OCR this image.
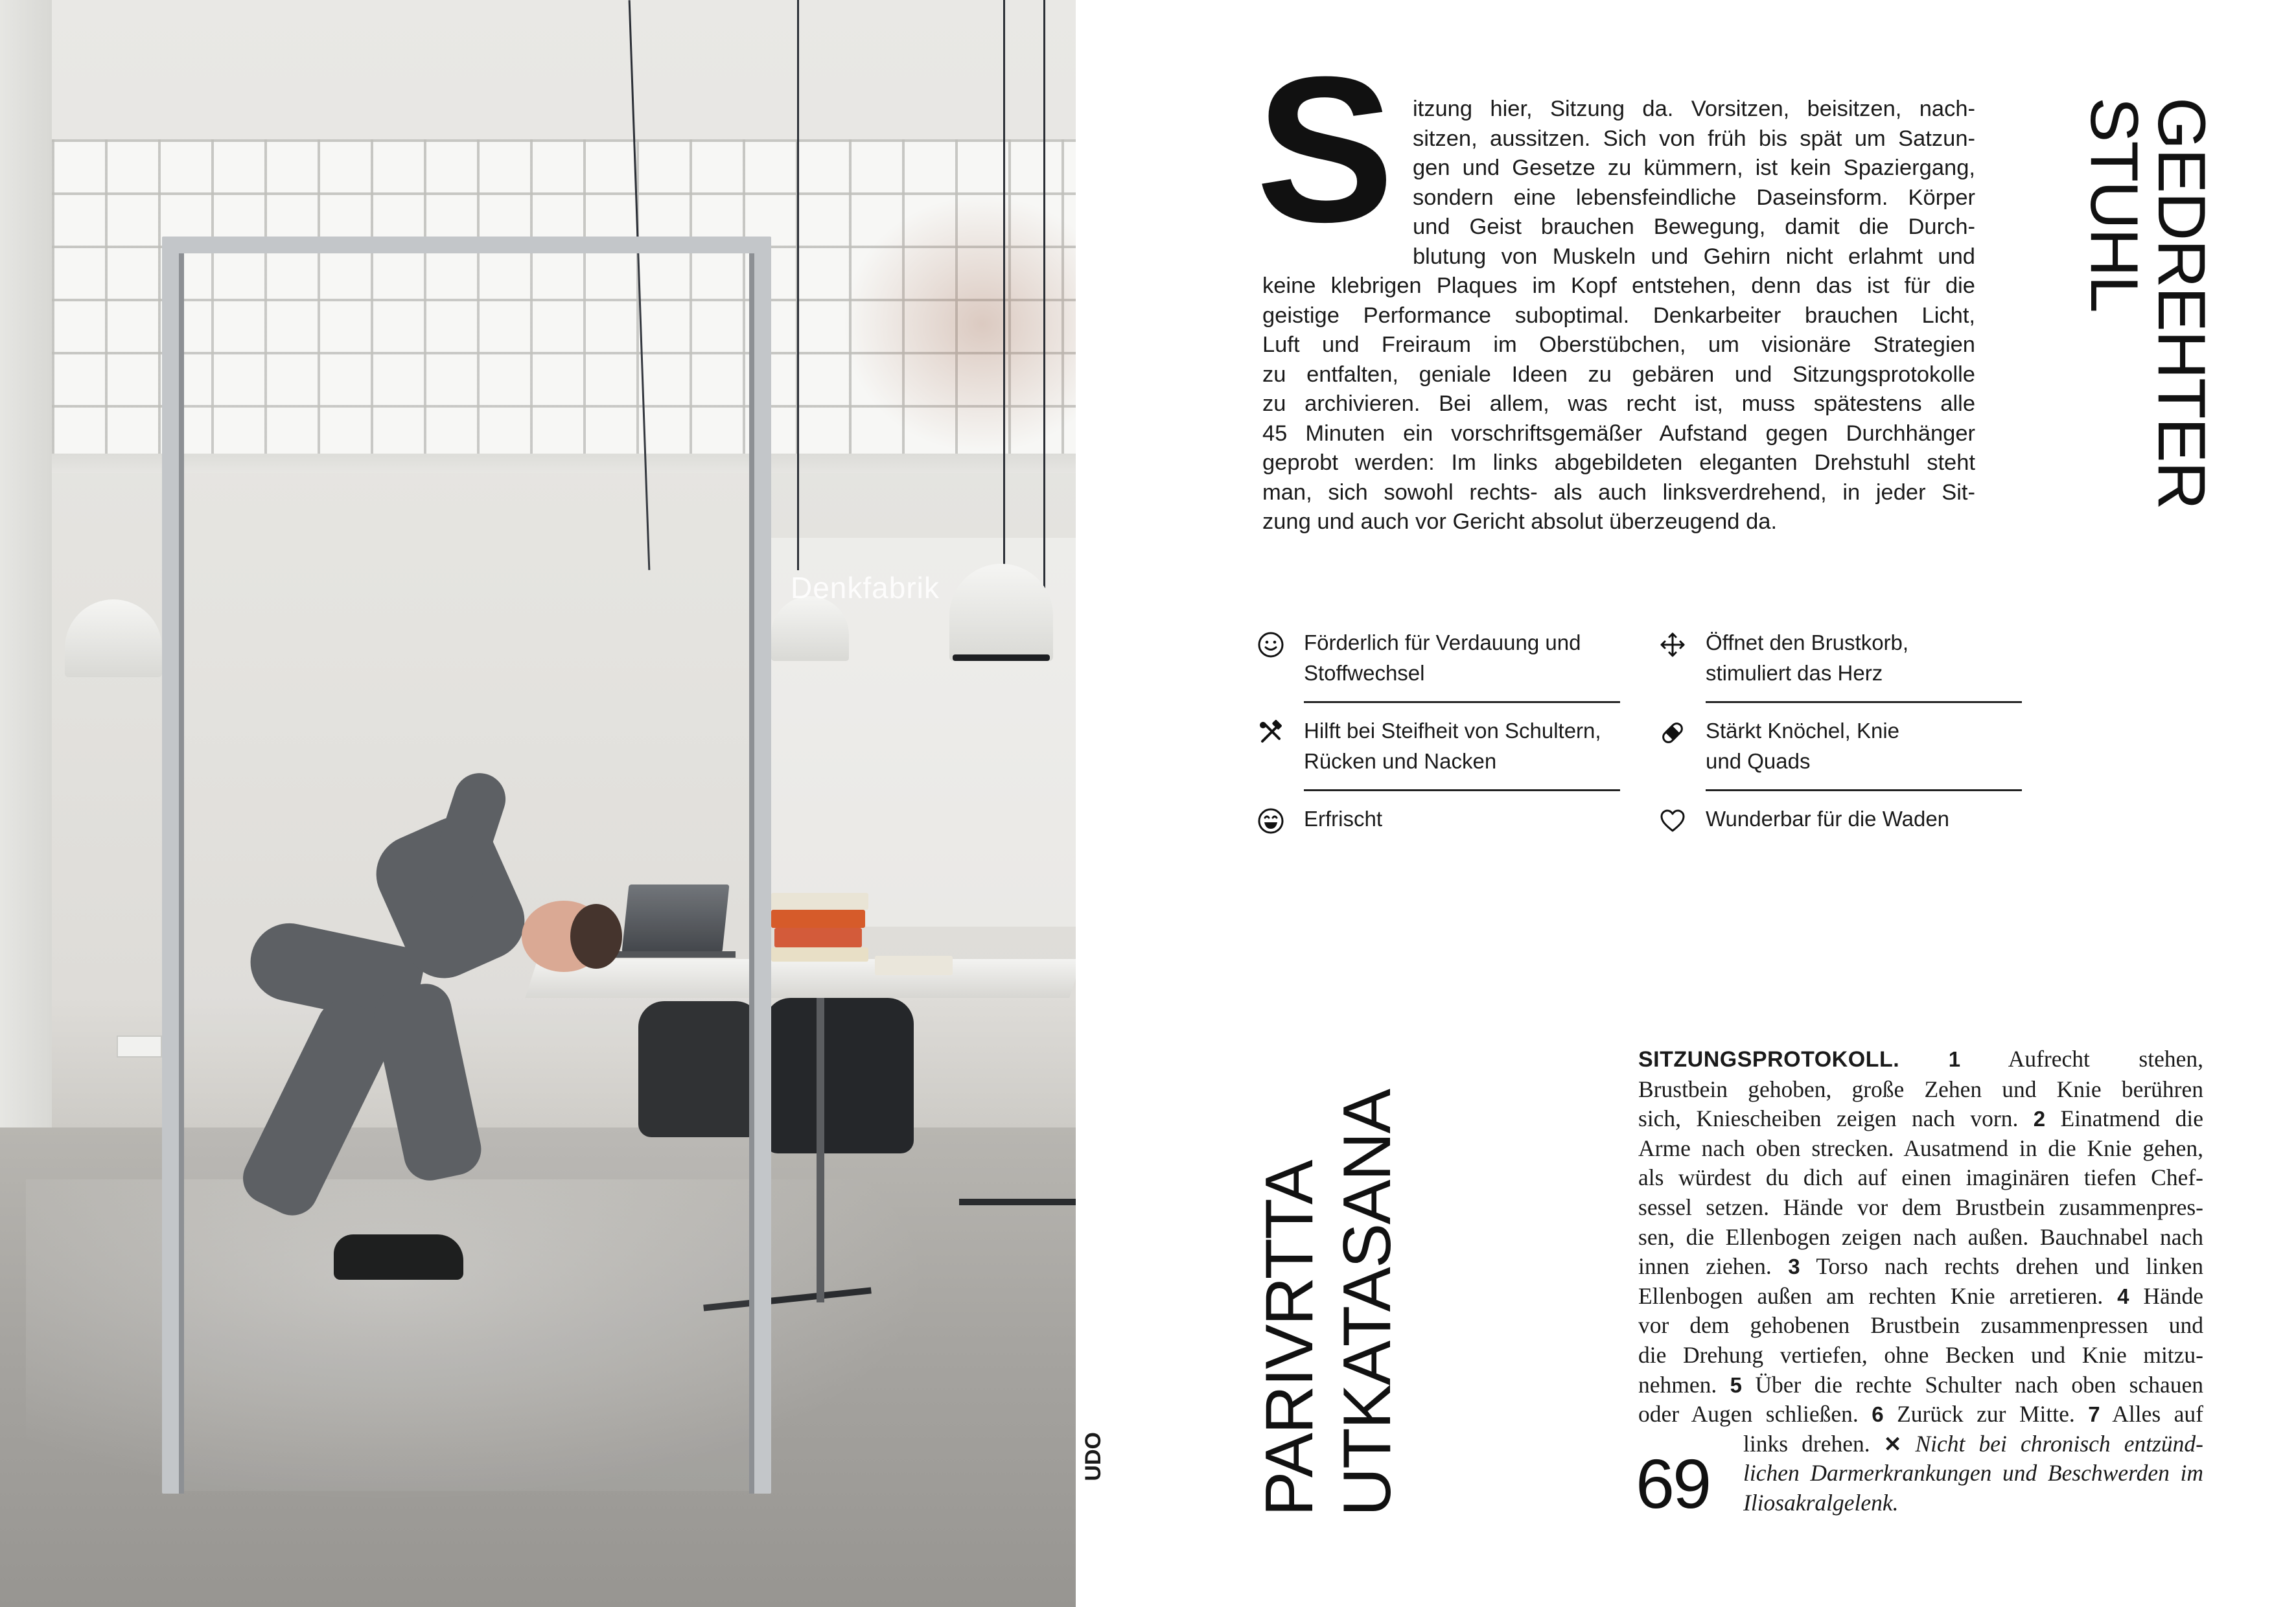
Denkfabrik
UDO
S itzung hier, Sitzung da. Vorsitzen, beisitzen, nach-
sitzen, aussitzen. Sich von früh bis spät um Satzun-
gen und Gesetze zu kümmern, ist kein Spaziergang,
sondern eine lebensfeindliche Daseinsform. Körper
und Geist brauchen Bewegung, damit die Durch-
blutung von Muskeln und Gehirn nicht erlahmt und
keine klebrigen Plaques im Kopf entstehen, denn das ist für die
geistige Performance suboptimal. Denkarbeiter brauchen Licht,
Luft und Freiraum im Oberstübchen, um visionäre Strategien
zu entfalten, geniale Ideen zu gebären und Sitzungsprotokolle
zu archivieren. Bei allem, was recht ist, muss spätestens alle
45 Minuten ein vorschriftsgemäßer Aufstand gegen Durchhänger
geprobt werden: Im links abgebildeten eleganten Drehstuhl steht
man, sich sowohl rechts- als auch linksverdrehend, in jeder Sit-
zung und auch vor Gericht absolut überzeugend da.
GEDREHTER
STUHL
Förderlich für Verdauung und
Stoffwechsel
Öffnet den Brustkorb,
stimuliert das Herz
Hilft bei Steifheit von Schultern,
Rücken und Nacken
Stärkt Knöchel, Knie
und Quads
Erfrischt	Wunderbar für die Waden
PARIVRTTA
UTKATASANA
SITZUNGSPROTOKOLL. 1 Aufrecht stehen,
Brustbein gehoben, große Zehen und Knie berühren
sich, Kniescheiben zeigen nach vorn. 2 Einatmend die
Arme nach oben strecken. Ausatmend in die Knie gehen,
als würdest du dich auf einen imaginären tiefen Chef-
sessel setzen. Hände vor dem Brustbein zusammenpres-
sen, die Ellenbogen zeigen nach außen. Bauchnabel nach
innen ziehen. 3 Torso nach rechts drehen und linken
Ellenbogen außen am rechten Knie arretieren. 4 Hände
vor dem gehobenen Brustbein zusammenpressen und
die Drehung vertiefen, ohne Becken und Knie mitzu-
nehmen. 5 Über die rechte Schulter nach oben schauen
oder Augen schließen. 6 Zurück zur Mitte. 7 Alles auf
links drehen. ✕ Nicht bei chronisch entzünd-
lichen Darmerkrankungen und Beschwerden im
Iliosakralgelenk.
69
